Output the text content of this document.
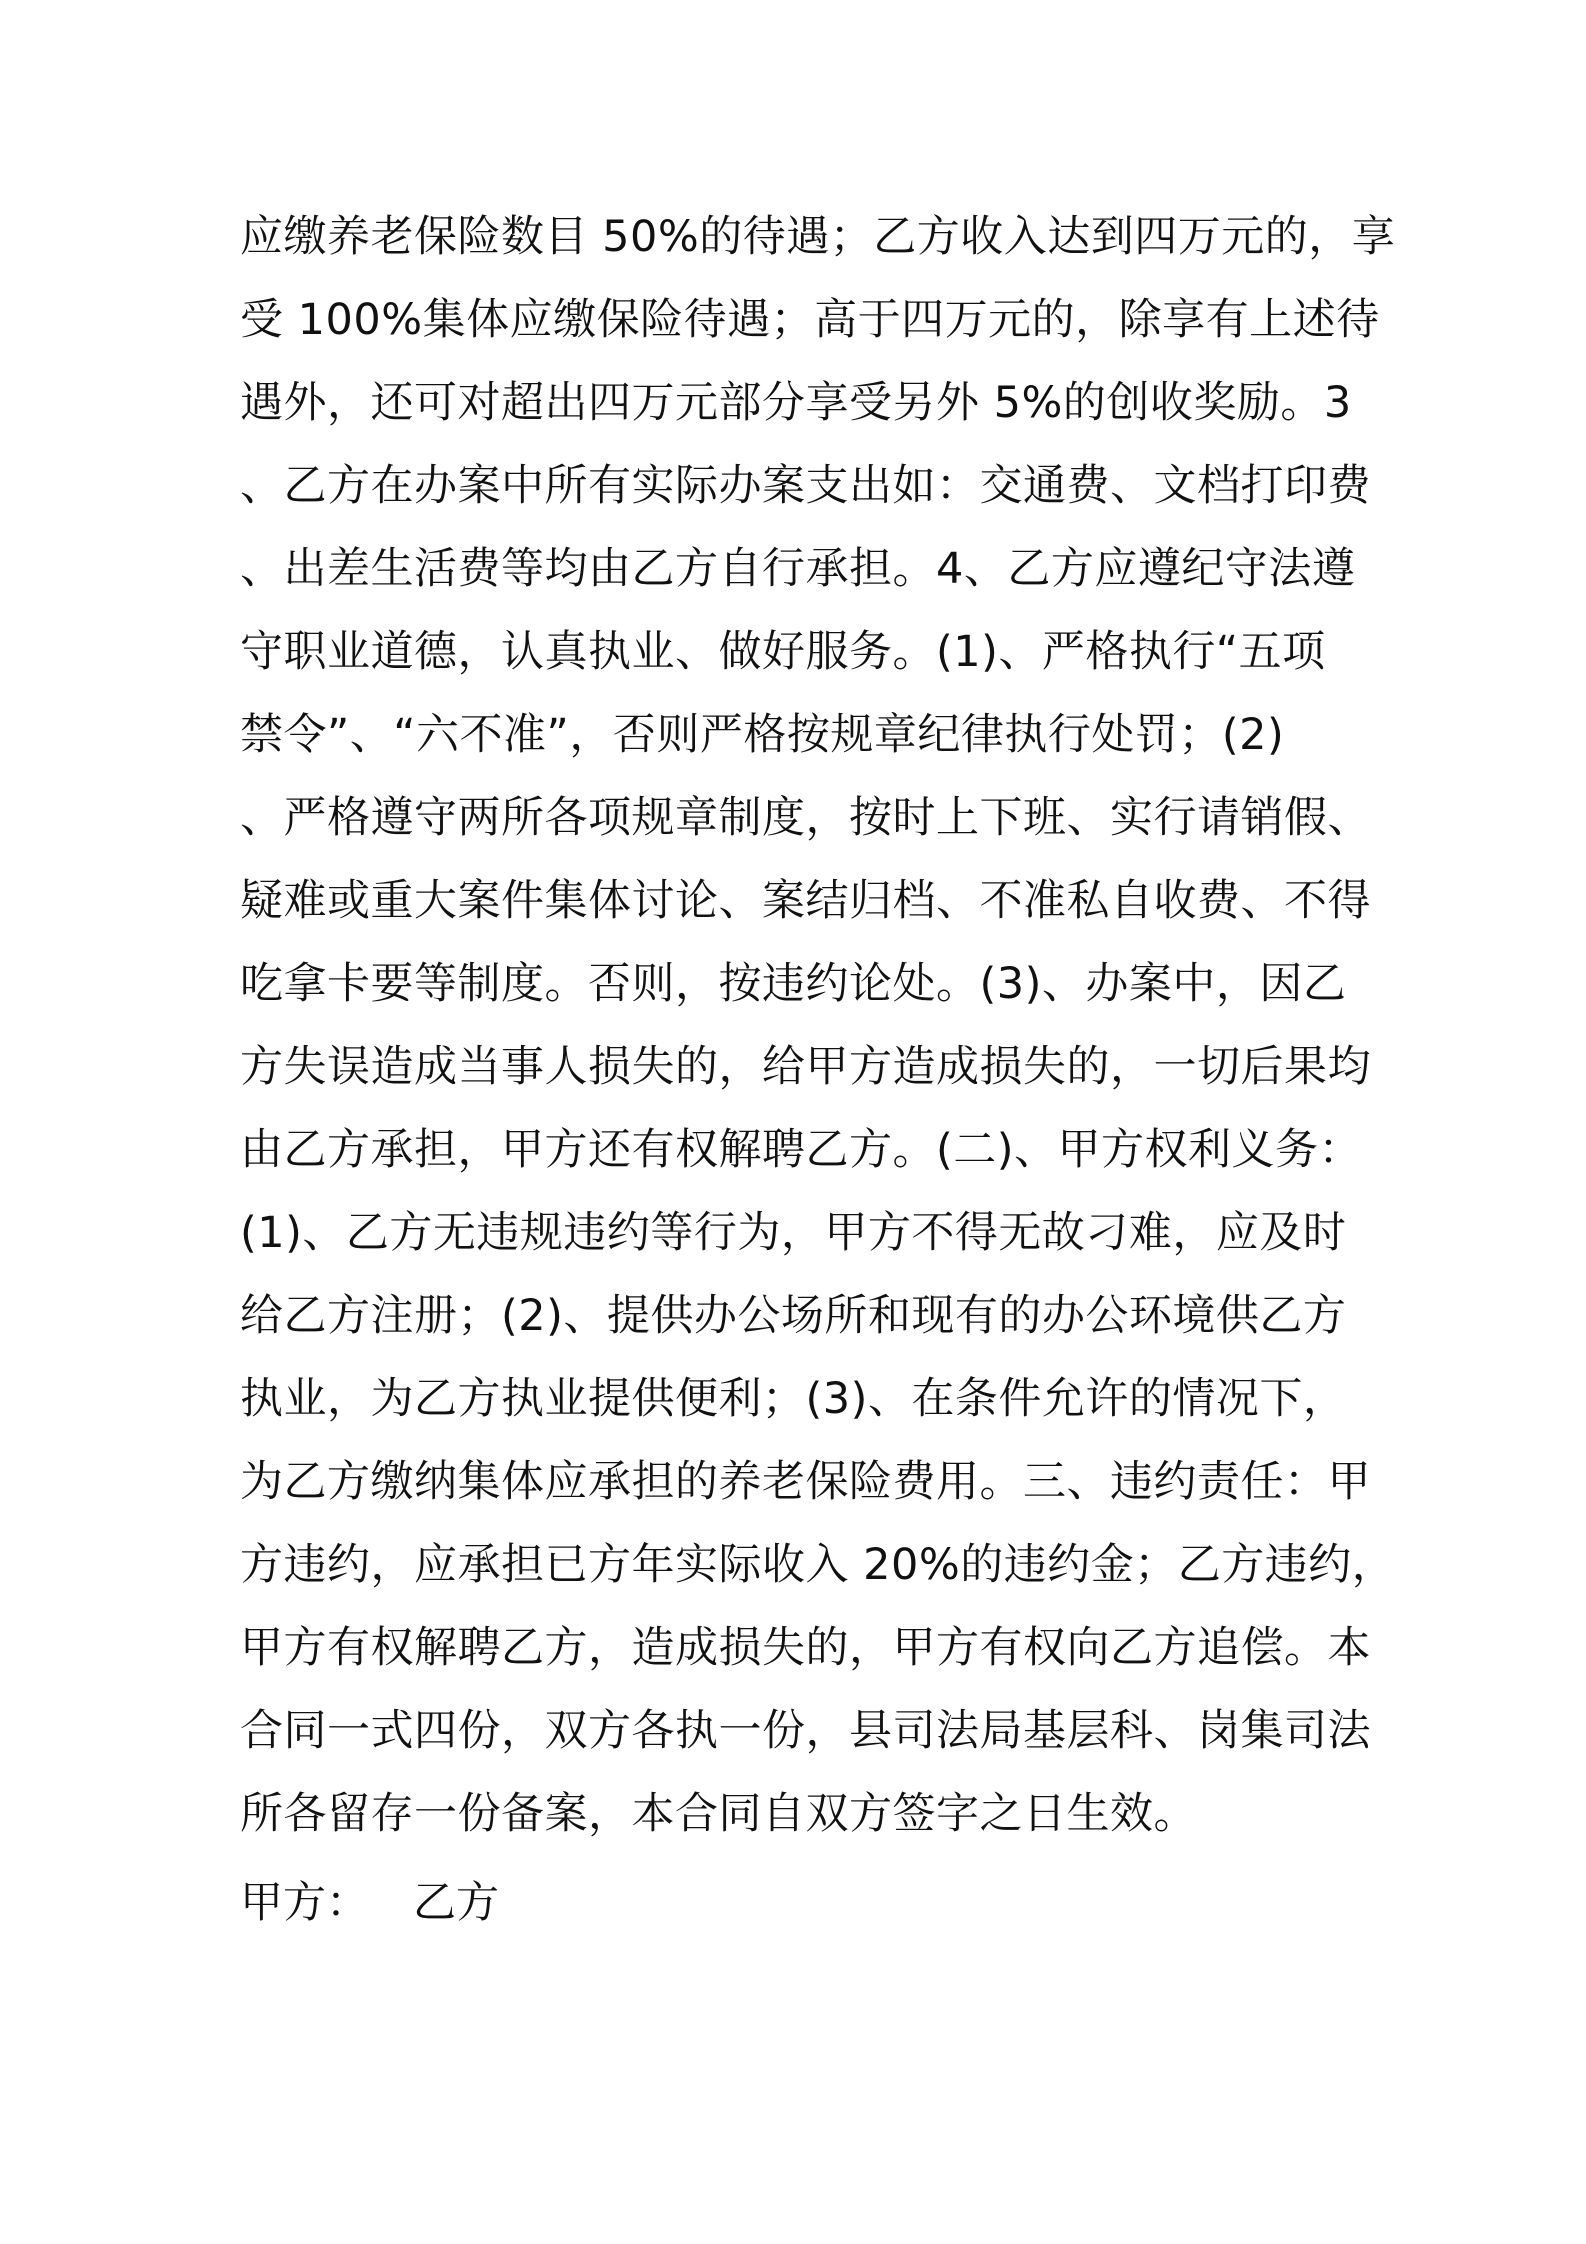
应缴养老保险数目 50%的待遇；乙方收入达到四万元的，享
受 100%集体应缴保险待遇；高于四万元的，除享有上述待
遇外，还可对超出四万元部分享受另外 5%的创收奖励。3
、乙方在办案中所有实际办案支出如：交通费、文档打印费
、出差生活费等均由乙方自行承担。4、乙方应遵纪守法遵
守职业道德，认真执业、做好服务。(1)、严格执行“五项
禁令”、“六不准”，否则严格按规章纪律执行处罚；(2)
、严格遵守两所各项规章制度，按时上下班、实行请销假、
疑难或重大案件集体讨论、案结归档、不准私自收费、不得
吃拿卡要等制度。否则，按违约论处。(3)、办案中，因乙
方失误造成当事人损失的，给甲方造成损失的，一切后果均
由乙方承担，甲方还有权解聘乙方。(二)、甲方权利义务：
(1)、乙方无违规违约等行为，甲方不得无故刁难，应及时
给乙方注册；(2)、提供办公场所和现有的办公环境供乙方
执业，为乙方执业提供便利；(3)、在条件允许的情况下，
为乙方缴纳集体应承担的养老保险费用。三、违约责任：甲
方违约，应承担已方年实际收入 20%的违约金；乙方违约，
甲方有权解聘乙方，造成损失的，甲方有权向乙方追偿。本
合同一式四份，双方各执一份，县司法局基层科、岗集司法
所各留存一份备案，本合同自双方签字之日生效。
甲方： 乙方
